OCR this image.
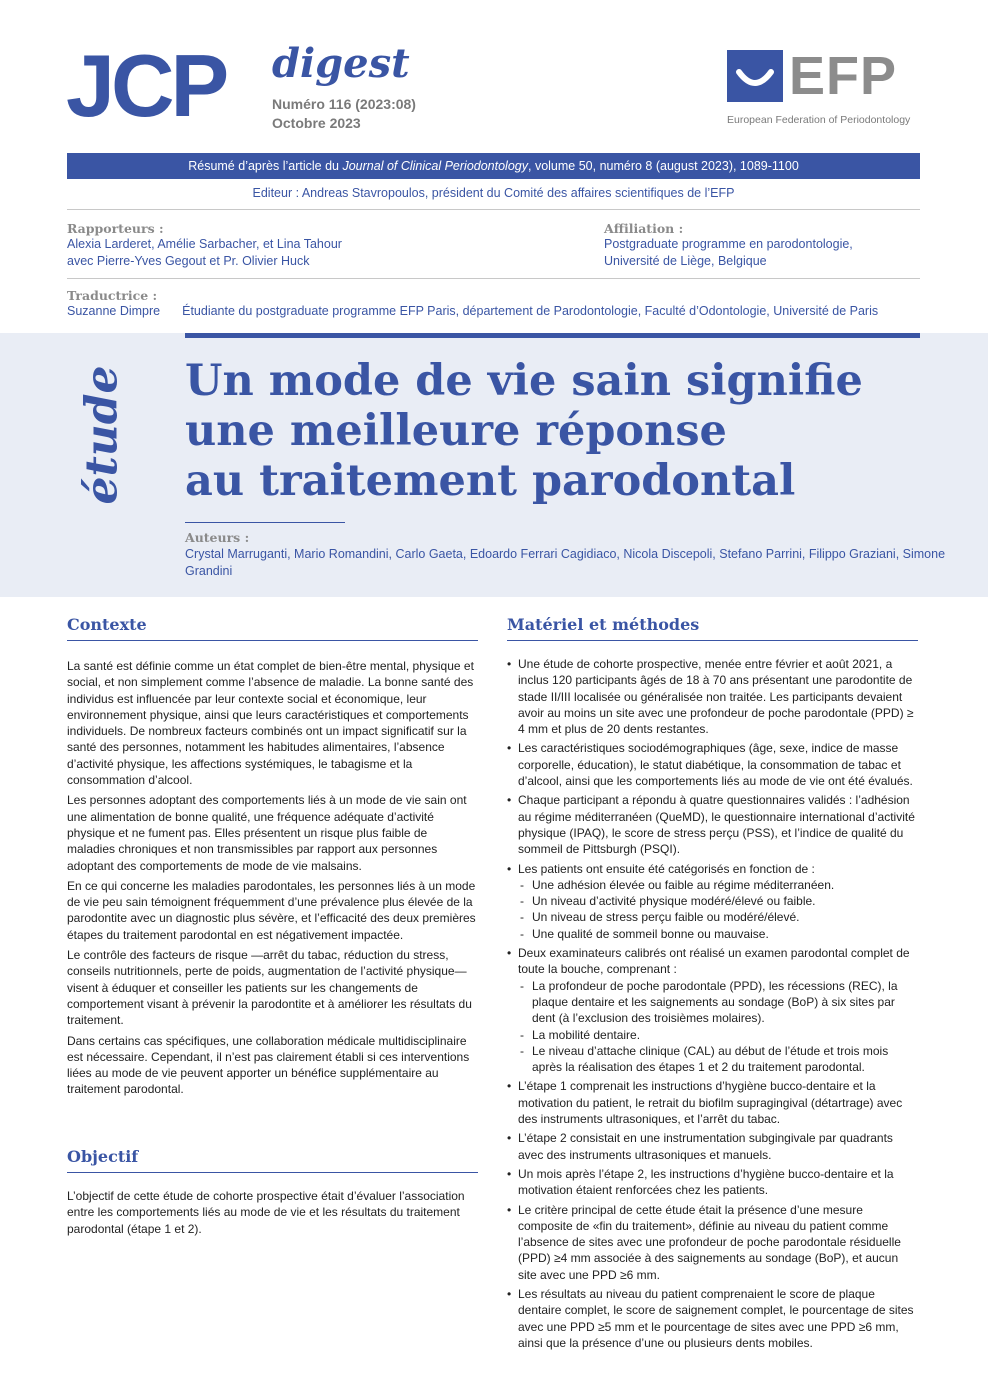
JCP digest
Numéro 116 (2023:08)
Octobre 2023
EFP
European Federation of Periodontology
Résumé d’après l’article du Journal of Clinical Periodontology, volume 50, numéro 8 (august 2023), 1089-1100
Editeur : Andreas Stavropoulos, président du Comité des affaires scientifiques de l’EFP
Rapporteurs :
Alexia Larderet, Amélie Sarbacher, et Lina Tahour
avec Pierre-Yves Gegout et Pr. Olivier Huck
Affiliation :
Postgraduate programme en parodontologie,
Université de Liège, Belgique
Traductrice :
Suzanne Dimpre Étudiante du postgraduate programme EFP Paris, département de Parodontologie, Faculté d’Odontologie, Université de Paris
étude Un mode de vie sain signifie
une meilleure réponse
au traitement parodontal
Auteurs :
Crystal Marruganti, Mario Romandini, Carlo Gaeta, Edoardo Ferrari Cagidiaco, Nicola Discepoli, Stefano Parrini, Filippo Graziani, Simone Grandini
Contexte

La santé est définie comme un état complet de bien-être mental, physique et social, et non simplement comme l’absence de maladie. La bonne santé des individus est influencée par leur contexte social et économique, leur environnement physique, ainsi que leurs caractéristiques et comportements individuels. De nombreux facteurs combinés ont un impact significatif sur la santé des personnes, notamment les habitudes alimentaires, l’absence d’activité physique, les affections systémiques, le tabagisme et la consommation d’alcool.

Les personnes adoptant des comportements liés à un mode de vie sain ont une alimentation de bonne qualité, une fréquence adéquate d’activité physique et ne fument pas. Elles présentent un risque plus faible de maladies chroniques et non transmissibles par rapport aux personnes adoptant des comportements de mode de vie malsains.

En ce qui concerne les maladies parodontales, les personnes liés à un mode de vie peu sain témoignent fréquemment d’une prévalence plus élevée de la parodontite avec un diagnostic plus sévère, et l’efficacité des deux premières étapes du traitement parodontal en est négativement impactée.

Le contrôle des facteurs de risque —arrêt du tabac, réduction du stress, conseils nutritionnels, perte de poids, augmentation de l’activité physique— visent à éduquer et conseiller les patients sur les changements de comportement visant à prévenir la parodontite et à améliorer les résultats du traitement.

Dans certains cas spécifiques, une collaboration médicale multidisciplinaire est nécessaire. Cependant, il n’est pas clairement établi si ces interventions liées au mode de vie peuvent apporter un bénéfice supplémentaire au traitement parodontal.

Objectif

L’objectif de cette étude de cohorte prospective était d’évaluer l’association entre les comportements liés au mode de vie et les résultats du traitement parodontal (étape 1 et 2).

Matériel et méthodes
• Une étude de cohorte prospective, menée entre février et août 2021, a inclus 120 participants âgés de 18 à 70 ans présentant une parodontite de stade II/III localisée ou généralisée non traitée. Les participants devaient avoir au moins un site avec une profondeur de poche parodontale (PPD) ≥ 4 mm et plus de 20 dents restantes.
• Les caractéristiques sociodémographiques (âge, sexe, indice de masse corporelle, éducation), le statut diabétique, la consommation de tabac et d’alcool, ainsi que les comportements liés au mode de vie ont été évalués.
• Chaque participant a répondu à quatre questionnaires validés : l’adhésion au régime méditerranéen (QueMD), le questionnaire international d’activité physique (IPAQ), le score de stress perçu (PSS), et l’indice de qualité du sommeil de Pittsburgh (PSQI).
• Les patients ont ensuite été catégorisés en fonction de :
- Une adhésion élevée ou faible au régime méditerranéen.
- Un niveau d’activité physique modéré/élevé ou faible.
- Un niveau de stress perçu faible ou modéré/élevé.
- Une qualité de sommeil bonne ou mauvaise.
• Deux examinateurs calibrés ont réalisé un examen parodontal complet de toute la bouche, comprenant :
- La profondeur de poche parodontale (PPD), les récessions (REC), la plaque dentaire et les saignements au sondage (BoP) à six sites par dent (à l’exclusion des troisièmes molaires).
- La mobilité dentaire.
- Le niveau d’attache clinique (CAL) au début de l’étude et trois mois après la réalisation des étapes 1 et 2 du traitement parodontal.
• L’étape 1 comprenait les instructions d’hygiène bucco-dentaire et la motivation du patient, le retrait du biofilm supragingival (détartrage) avec des instruments ultrasoniques, et l’arrêt du tabac.
• L’étape 2 consistait en une instrumentation subgingivale par quadrants avec des instruments ultrasoniques et manuels.
• Un mois après l’étape 2, les instructions d’hygiène bucco-dentaire et la motivation étaient renforcées chez les patients.
• Le critère principal de cette étude était la présence d’une mesure composite de «fin du traitement», définie au niveau du patient comme l’absence de sites avec une profondeur de poche parodontale résiduelle (PPD) ≥4 mm associée à des saignements au sondage (BoP), et aucun site avec une PPD ≥6 mm.
• Les résultats au niveau du patient comprenaient le score de plaque dentaire complet, le score de saignement complet, le pourcentage de sites avec une PPD ≥5 mm et le pourcentage de sites avec une PPD ≥6 mm, ainsi que la présence d’une ou plusieurs dents mobiles.
